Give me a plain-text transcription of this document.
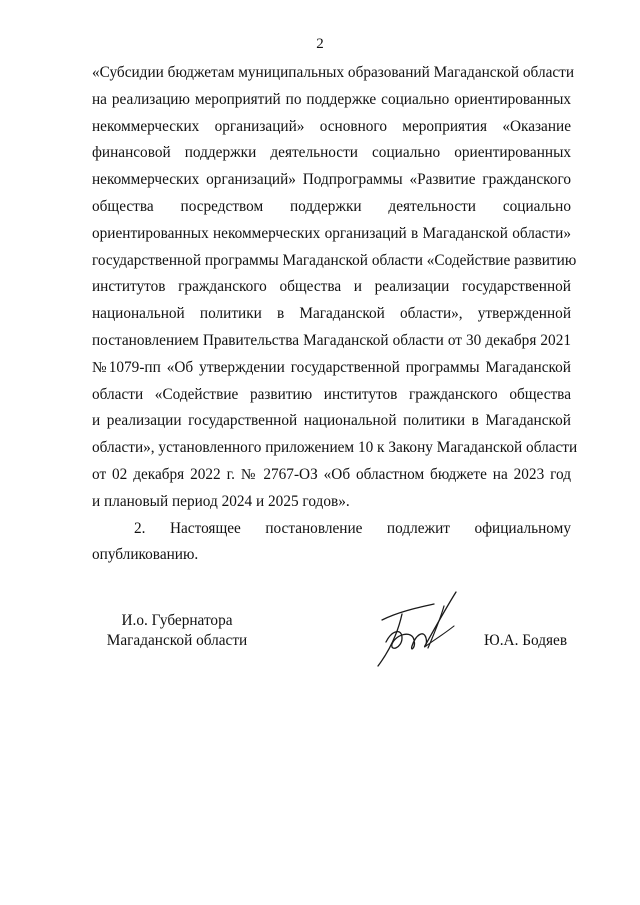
2
«Субсидии бюджетам муниципальных образований Магаданской области
на реализацию мероприятий по поддержке социально ориентированных
некоммерческих организаций» основного мероприятия «Оказание
финансовой поддержки деятельности социально ориентированных
некоммерческих организаций» Подпрограммы «Развитие гражданского
общества посредством поддержки деятельности социально
ориентированных некоммерческих организаций в Магаданской области»
государственной программы Магаданской области «Содействие развитию
институтов гражданского общества и реализации государственной
национальной политики в Магаданской области», утвержденной
постановлением Правительства Магаданской области от 30 декабря 2021
№1079-пп «Об утверждении государственной программы Магаданской
области «Содействие развитию институтов гражданского общества
и реализации государственной национальной политики в Магаданской
области», установленного приложением 10 к Закону Магаданской области
от 02 декабря 2022 г. № 2767-ОЗ «Об областном бюджете на 2023 год
и плановый период 2024 и 2025 годов».
2. Настоящее постановление подлежит официальному
опубликованию.
И.о. Губернатора
Магаданской области	Ю.А. Бодяев
